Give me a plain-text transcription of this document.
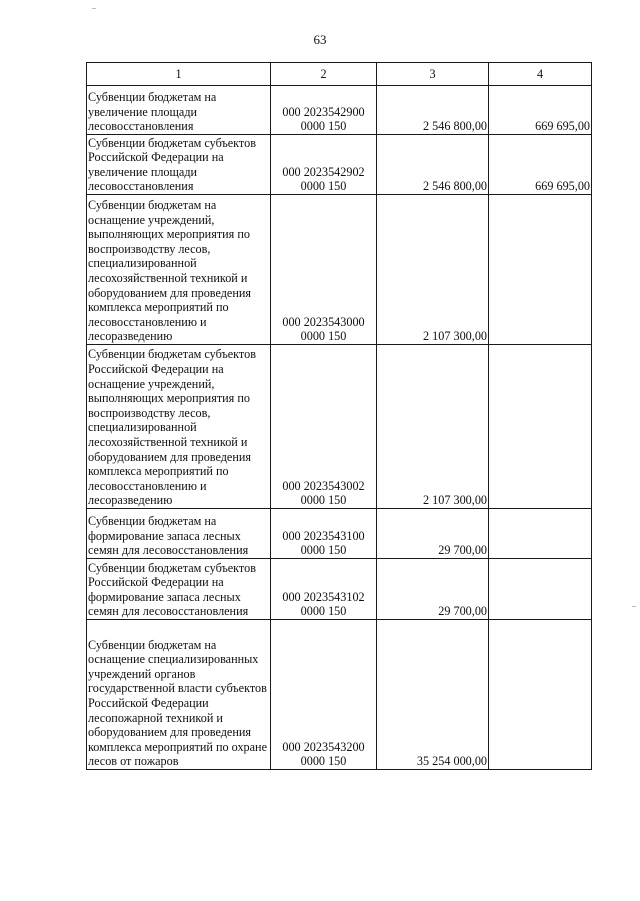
63
1	2	3	4
Субвенции бюджетам на увеличение площади лесовосстановления	000 2023542900 0000 150	2 546 800,00	669 695,00
Субвенции бюджетам субъектов Российской Федерации на увеличение площади лесовосстановления	000 2023542902 0000 150	2 546 800,00	669 695,00
Субвенции бюджетам на оснащение учреждений, выполняющих мероприятия по воспроизводству лесов, специализированной лесохозяйственной техникой и оборудованием для проведения комплекса мероприятий по лесовосстановлению и лесоразведению	000 2023543000 0000 150	2 107 300,00	
Субвенции бюджетам субъектов Российской Федерации на оснащение учреждений, выполняющих мероприятия по воспроизводству лесов, специализированной лесохозяйственной техникой и оборудованием для проведения комплекса мероприятий по лесовосстановлению и лесоразведению	000 2023543002 0000 150	2 107 300,00	
Субвенции бюджетам на формирование запаса лесных семян для лесовосстановления	000 2023543100 0000 150	29 700,00	
Субвенции бюджетам субъектов Российской Федерации на формирование запаса лесных семян для лесовосстановления	000 2023543102 0000 150	29 700,00	
Субвенции бюджетам на оснащение специализированных учреждений органов государственной власти субъектов Российской Федерации лесопожарной техникой и оборудованием для проведения комплекса мероприятий по охране лесов от пожаров	000 2023543200 0000 150	35 254 000,00	
